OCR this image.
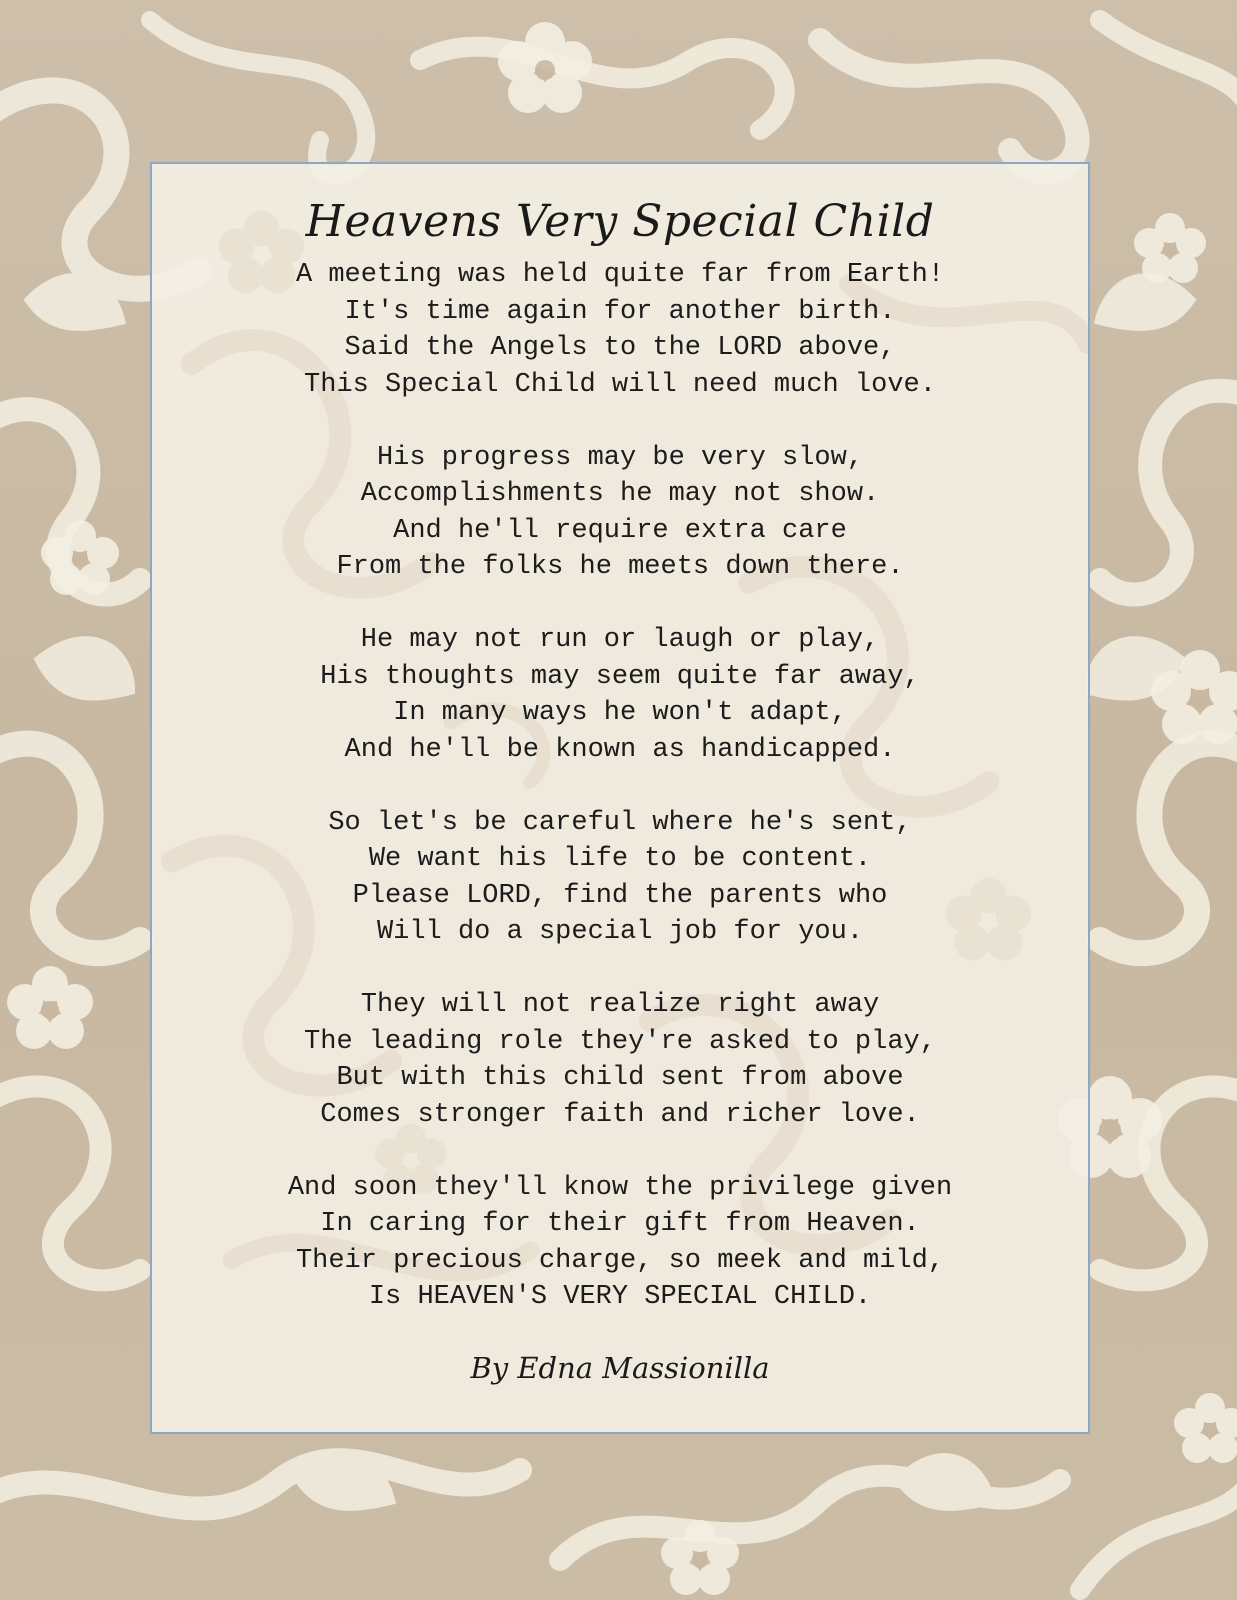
Heavens Very Special Child
A meeting was held quite far from Earth!
It's time again for another birth.
Said the Angels to the LORD above,
This Special Child will need much love.
His progress may be very slow,
Accomplishments he may not show.
And he'll require extra care
From the folks he meets down there.
He may not run or laugh or play,
His thoughts may seem quite far away,
In many ways he won't adapt,
And he'll be known as handicapped.
So let's be careful where he's sent,
We want his life to be content.
Please LORD, find the parents who
Will do a special job for you.
They will not realize right away
The leading role they're asked to play,
But with this child sent from above
Comes stronger faith and richer love.
And soon they'll know the privilege given
In caring for their gift from Heaven.
Their precious charge, so meek and mild,
Is HEAVEN'S VERY SPECIAL CHILD.
By Edna Massionilla
